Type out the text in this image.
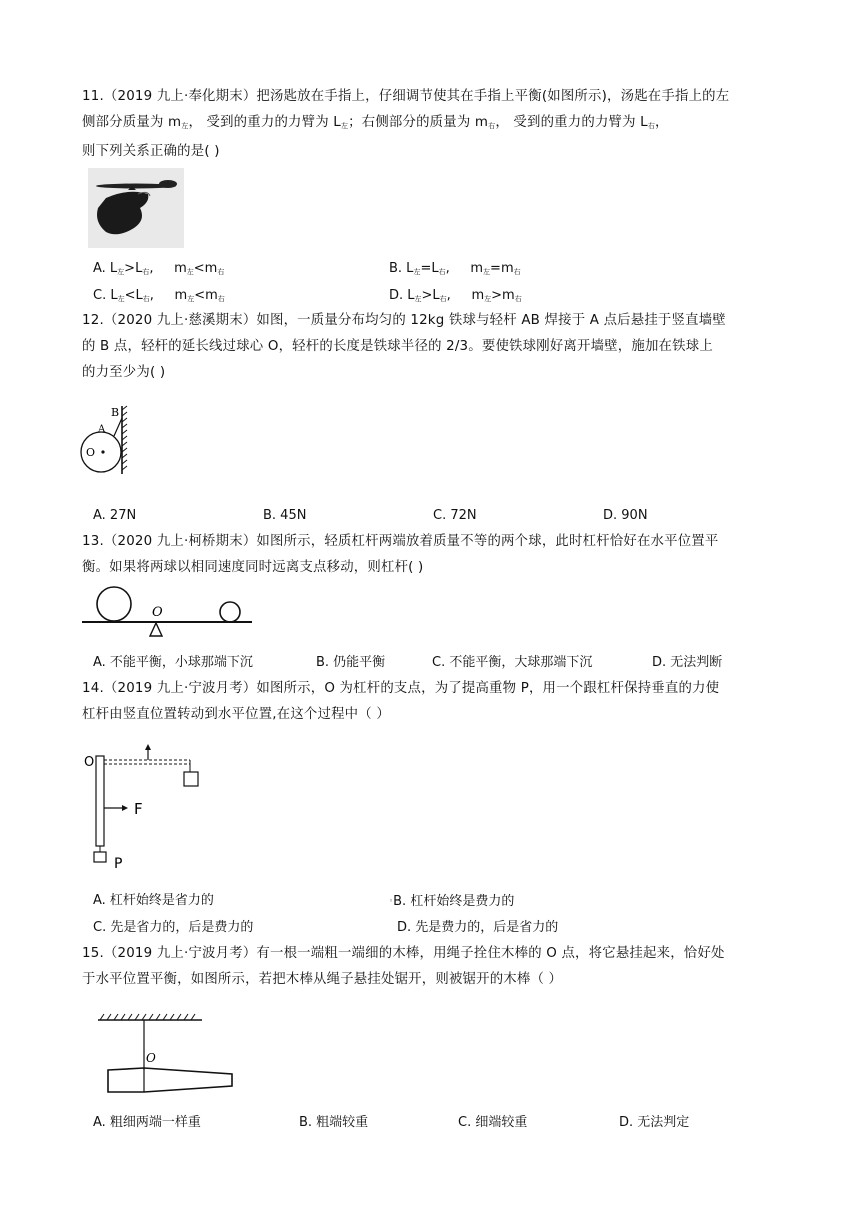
11.（2019 九上·奉化期末）把汤匙放在手指上，仔细调节使其在手指上平衡(如图所示)，汤匙在手指上的左
侧部分质量为 $m_左$， 受到的重力的力臂为 $L_左$；右侧部分的质量为 $m_右$， 受到的重力的力臂为 $L_右$，
则下列关系正确的是( )
A. $L_左>L_右$,     $m_左<m_右$	B. $L_左=L_右$,     $m_左=m_右$
C. $L_左<L_右$,     $m_左<m_右$	D. $L_左>L_右$,     $m_左>m_右$
12.（2020 九上·慈溪期末）如图，一质量分布均匀的 12kg 铁球与轻杆 AB 焊接于 A 点后悬挂于竖直墙壁
的 B 点，轻杆的延长线过球心 O，轻杆的长度是铁球半径的 2/3。要使铁球刚好离开墙壁，施加在铁球上
的力至少为( )
B
A
O
A. 27N	B. 45N	C. 72N	D. 90N
13.（2020 九上·柯桥期末）如图所示，轻质杠杆两端放着质量不等的两个球，此时杠杆恰好在水平位置平
衡。如果将两球以相同速度同时远离支点移动，则杠杆( )
O
A. 不能平衡，小球那端下沉	B. 仍能平衡	C. 不能平衡，大球那端下沉	D. 无法判断
14.（2019 九上·宁波月考）如图所示，O 为杠杆的支点，为了提高重物 P，用一个跟杠杆保持垂直的力使
杠杆由竖直位置转动到水平位置,在这个过程中（ ）
O
P
F
A. 杠杆始终是省力的	◦B. 杠杆始终是费力的
C. 先是省力的，后是费力的	D. 先是费力的，后是省力的
15.（2019 九上·宁波月考）有一根一端粗一端细的木棒，用绳子拴住木棒的 O 点，将它悬挂起来，恰好处
于水平位置平衡，如图所示，若把木棒从绳子悬挂处锯开，则被锯开的木棒（ ）
O
A. 粗细两端一样重	B. 粗端较重	C. 细端较重	D. 无法判定
